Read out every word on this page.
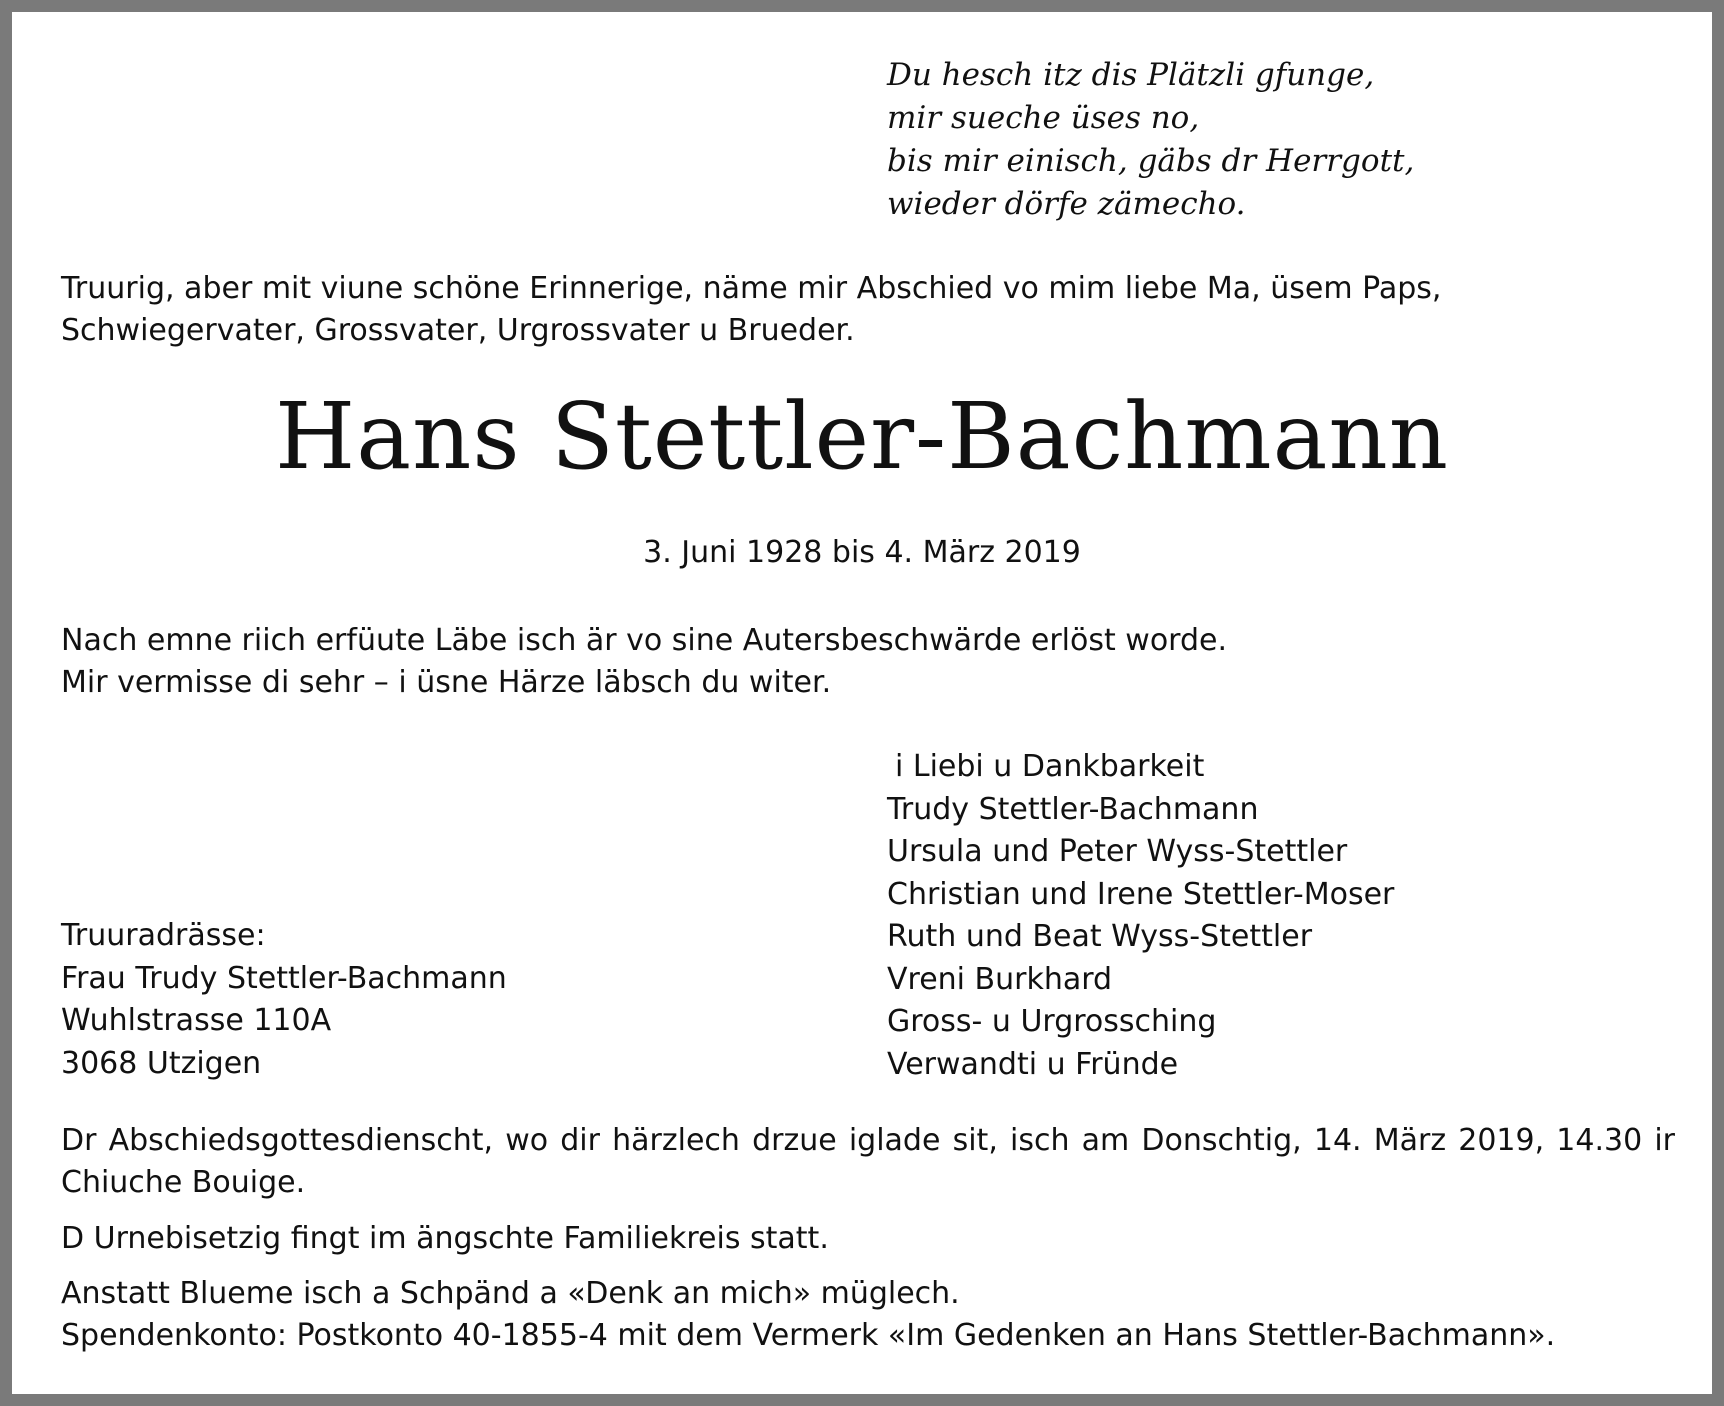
Du hesch itz dis Plätzli gfunge,
mir sueche üses no,
bis mir einisch, gäbs dr Herrgott,
wieder dörfe zämecho.

Truurig, aber mit viune schöne Erinnerige, näme mir Abschied vo mim liebe Ma, üsem Paps, Schwiegervater, Grossvater, Urgrossvater u Brueder.

Hans Stettler-Bachmann
3. Juni 1928 bis 4. März 2019
Nach emne riich erfüute Läbe isch är vo sine Autersbeschwärde erlöst worde.
Mir vermisse di sehr – i üsne Härze läbsch du witer.
i Liebi u Dankbarkeit
Trudy Stettler-Bachmann
Ursula und Peter Wyss-Stettler
Christian und Irene Stettler-Moser
Ruth und Beat Wyss-Stettler
Vreni Burkhard
Gross- u Urgrossching
Verwandti u Fründe
Truuradrässe:
Frau Trudy Stettler-Bachmann
Wuhlstrasse 110A
3068 Utzigen

Dr Abschiedsgottesdienscht, wo dir härzlech drzue iglade sit, isch am Donschtig, 14. März 2019, 14.30 ir Chiuche Bouige.

D Urnebisetzig fingt im ängschte Familiekreis statt.

Anstatt Blueme isch a Schpänd a «Denk an mich» müglech.
Spendenkonto: Postkonto 40-1855-4 mit dem Vermerk «Im Gedenken an Hans Stettler-Bachmann».
